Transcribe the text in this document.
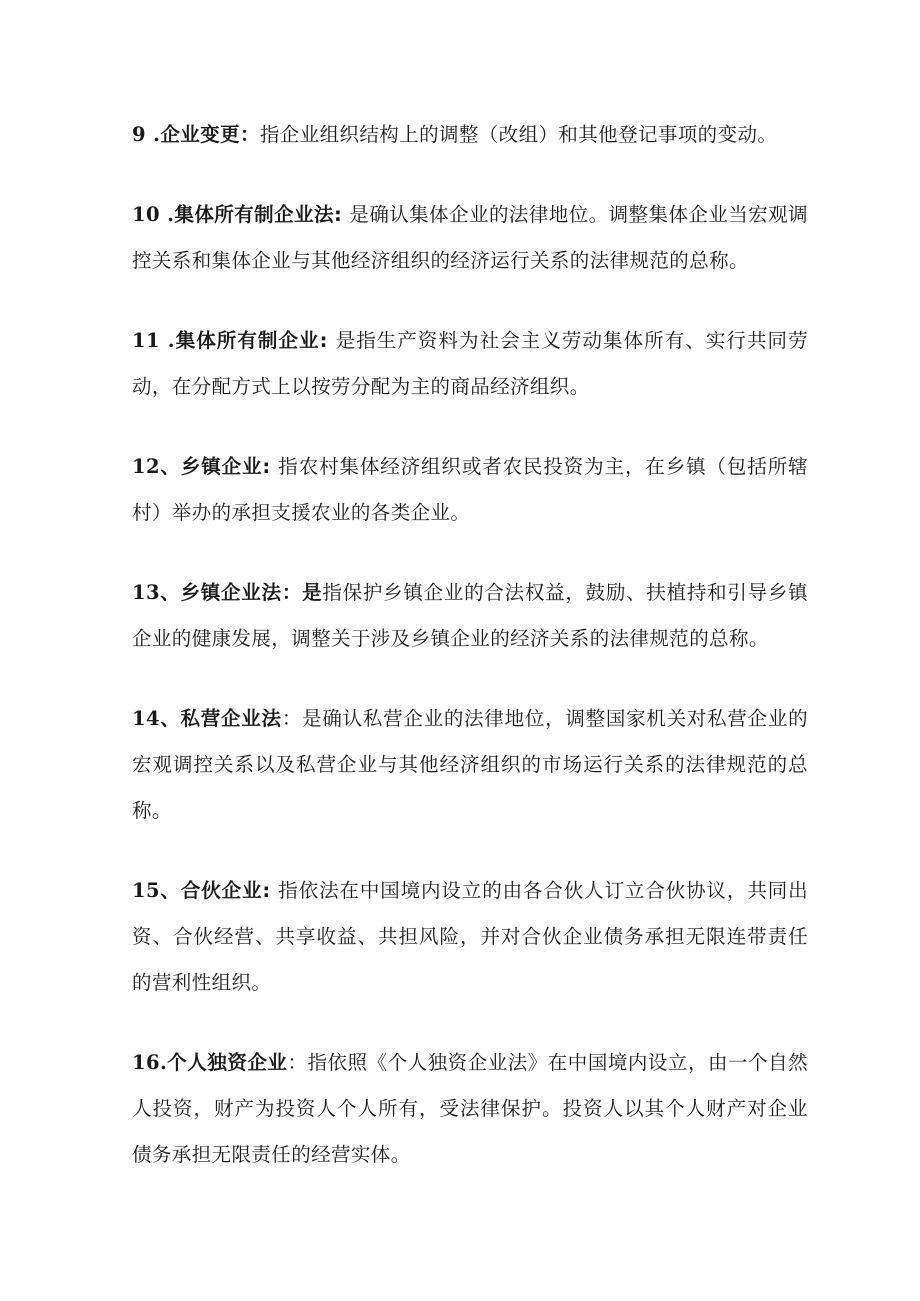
9 .企业变更：指企业组织结构上的调整（改组）和其他登记事项的变动。

10 .集体所有制企业法: 是确认集体企业的法律地位。调整集体企业当宏观调控关系和集体企业与其他经济组织的经济运行关系的法律规范的总称。

11 .集体所有制企业: 是指生产资料为社会主义劳动集体所有、实行共同劳动，在分配方式上以按劳分配为主的商品经济组织。

12、乡镇企业: 指农村集体经济组织或者农民投资为主，在乡镇（包括所辖村）举办的承担支援农业的各类企业。

13、乡镇企业法：是指保护乡镇企业的合法权益，鼓励、扶植持和引导乡镇企业的健康发展，调整关于涉及乡镇企业的经济关系的法律规范的总称。

14、私营企业法：是确认私营企业的法律地位，调整国家机关对私营企业的宏观调控关系以及私营企业与其他经济组织的市场运行关系的法律规范的总称。

15、合伙企业: 指依法在中国境内设立的由各合伙人订立合伙协议，共同出资、合伙经营、共享收益、共担风险，并对合伙企业债务承担无限连带责任的营利性组织。

16.个人独资企业：指依照《个人独资企业法》在中国境内设立，由一个自然人投资，财产为投资人个人所有，受法律保护。投资人以其个人财产对企业债务承担无限责任的经营实体。
